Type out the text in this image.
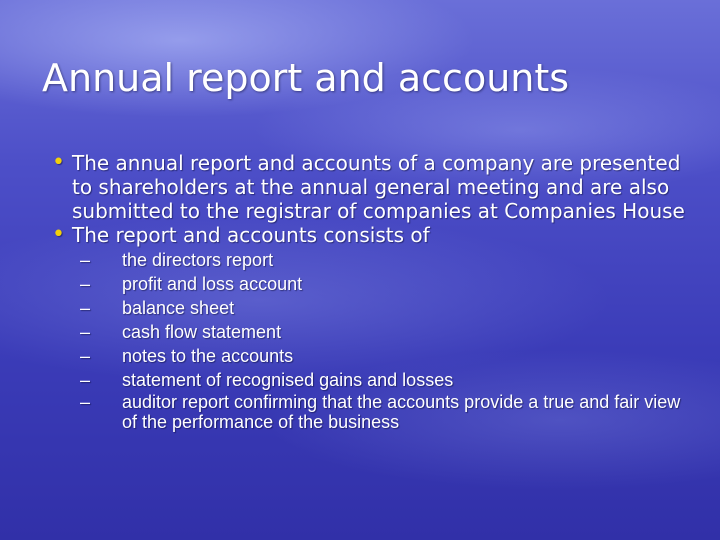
Annual report and accounts
• The annual report and accounts of a company are presented to shareholders at the annual general meeting and are also submitted to the registrar of companies at Companies House
• The report and accounts consists of
– the directors report
– profit and loss account
– balance sheet
– cash flow statement
– notes to the accounts
– statement of recognised gains and losses
– auditor report confirming that the accounts provide a true and fair view of the performance of the business
